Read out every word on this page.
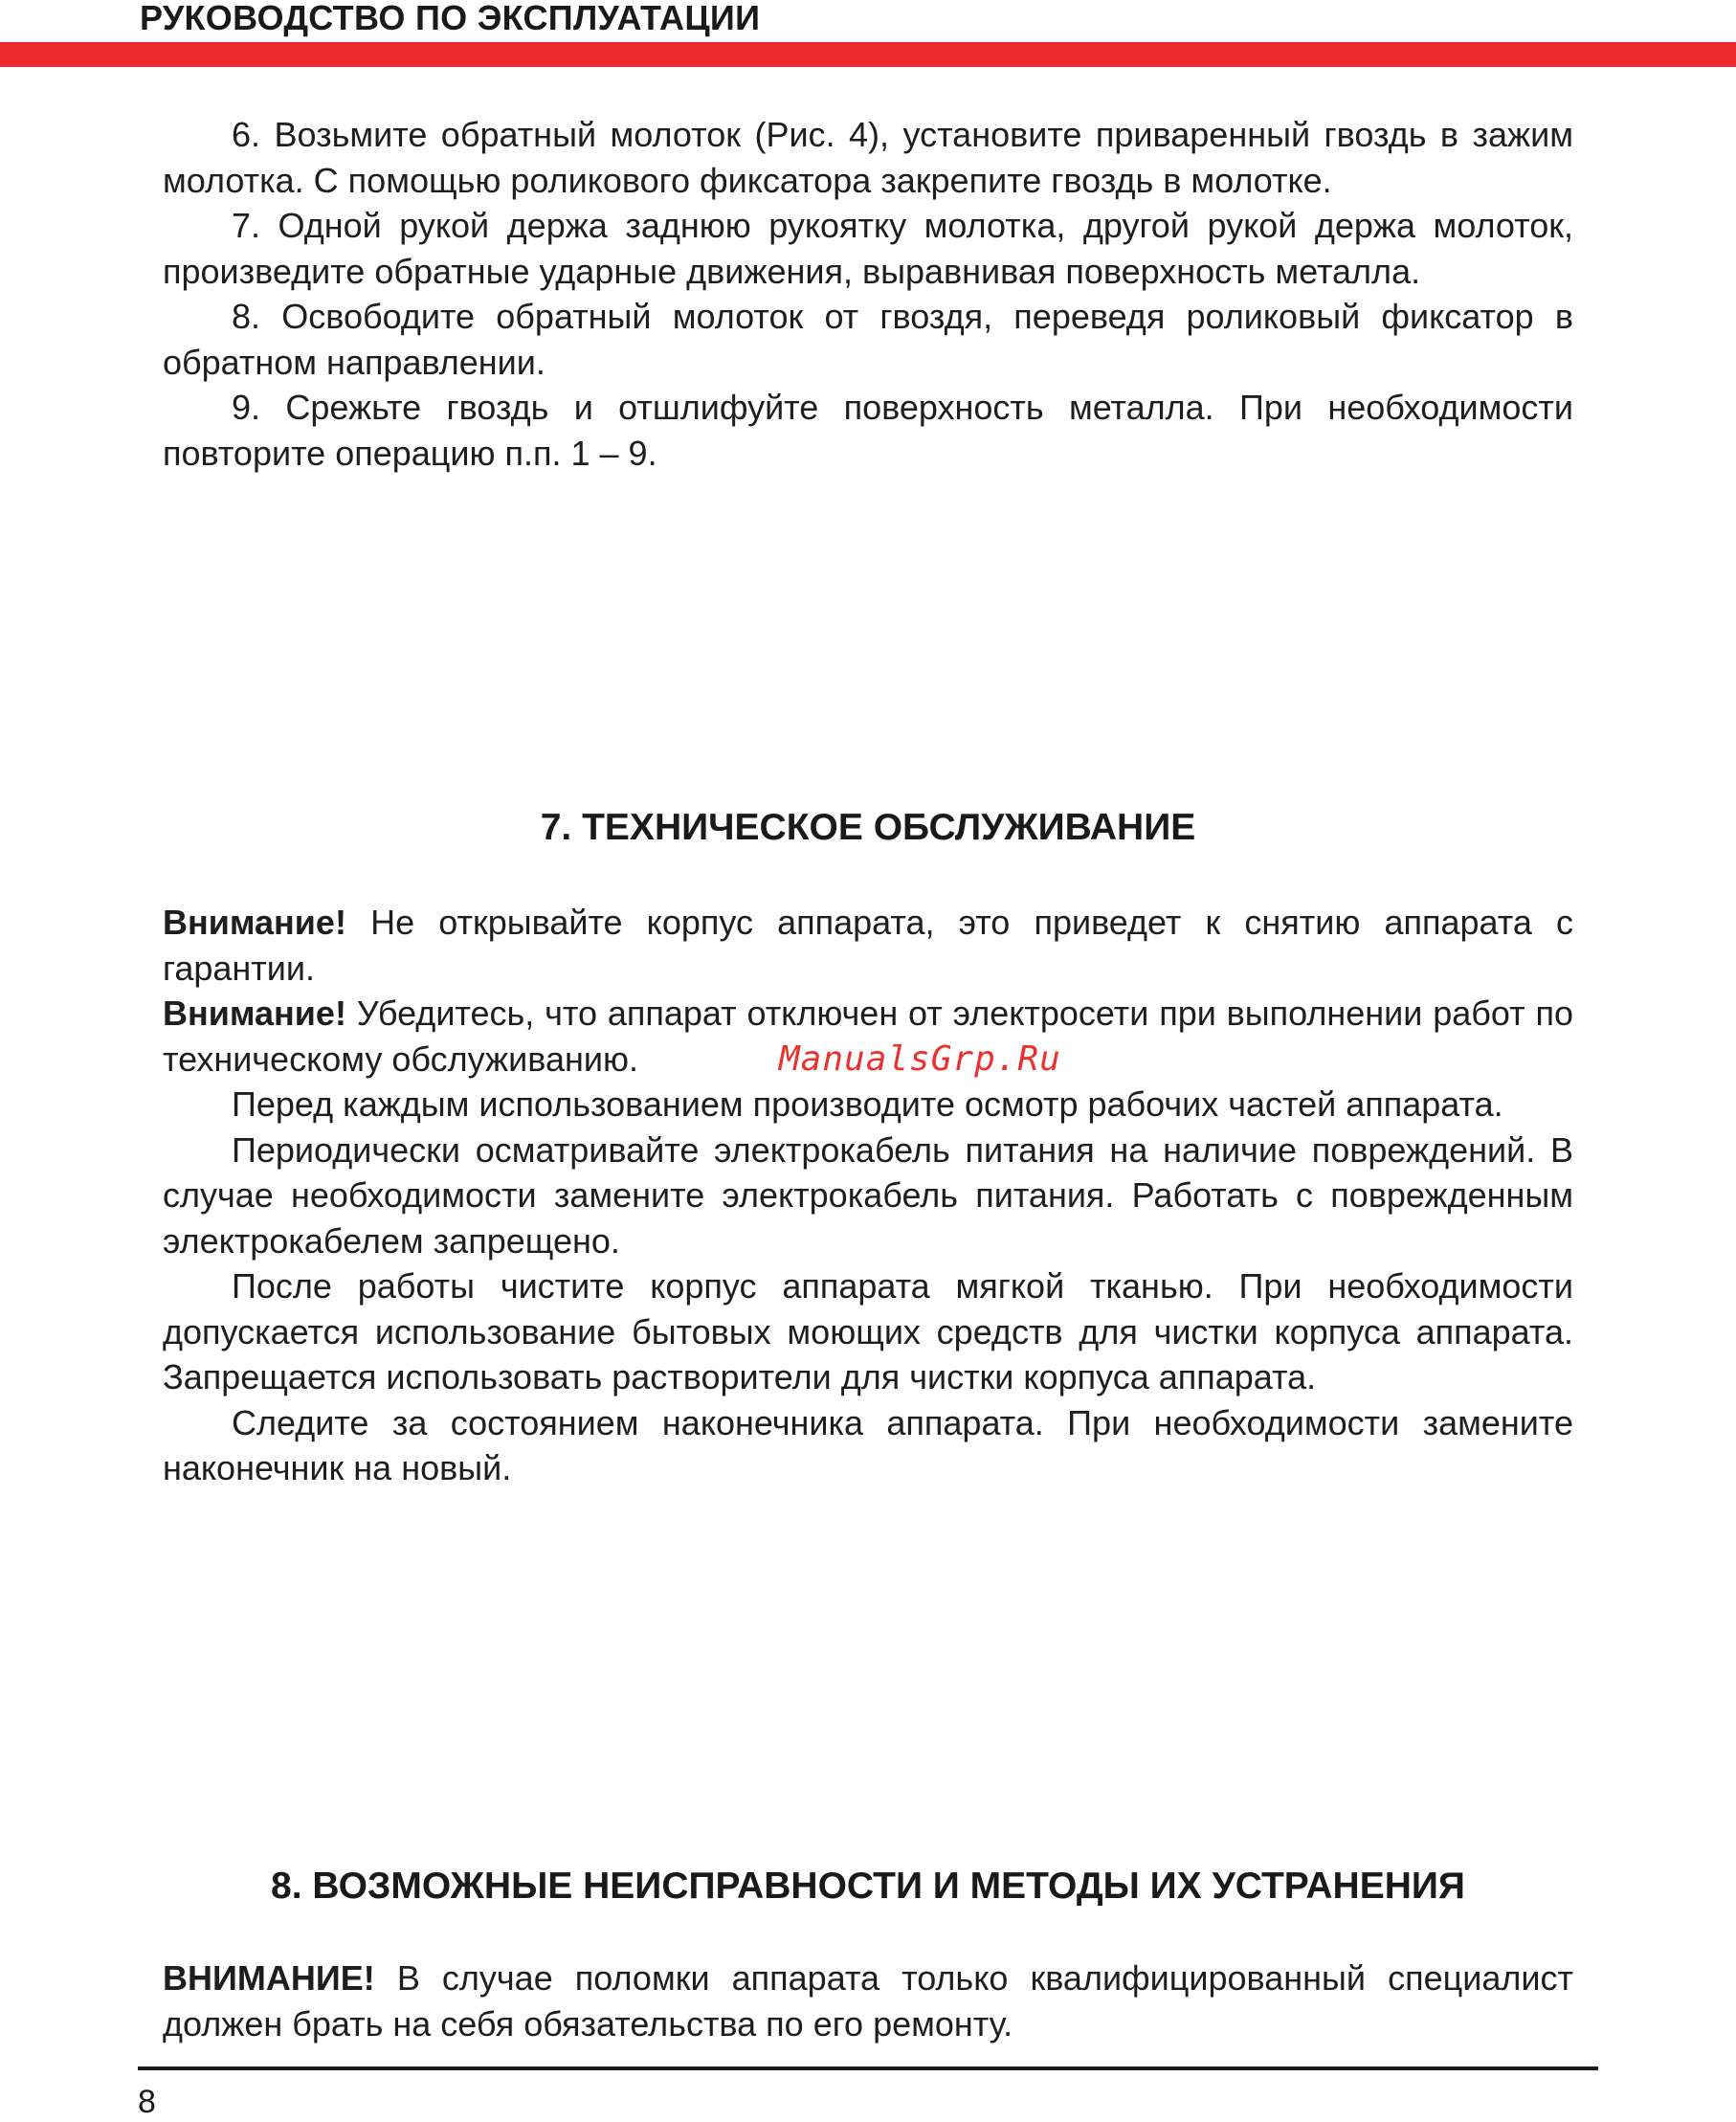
РУКОВОДСТВО ПО ЭКСПЛУАТАЦИИ

6. Возьмите обратный молоток (Рис. 4), установите приваренный гвоздь в зажим молотка. С помощью роликового фиксатора закрепите гвоздь в молотке.

7. Одной рукой держа заднюю рукоятку молотка, другой рукой держа молоток, произведите обратные ударные движения, выравнивая поверхность металла.

8. Освободите обратный молоток от гвоздя, переведя роликовый фиксатор в обратном направлении.

9. Срежьте гвоздь и отшлифуйте поверхность металла. При необходимости повторите операцию п.п. 1 – 9.

7. ТЕХНИЧЕСКОЕ ОБСЛУЖИВАНИЕ

Внимание! Не открывайте корпус аппарата, это приведет к снятию аппарата с гарантии.

Внимание! Убедитесь, что аппарат отключен от электросети при выполнении работ по техническому обслуживанию.

Перед каждым использованием производите осмотр рабочих частей аппарата.

Периодически осматривайте электрокабель питания на наличие повреждений. В случае необходимости замените электрокабель питания. Работать с поврежденным электрокабелем запрещено.

После работы чистите корпус аппарата мягкой тканью. При необходимости допускается использование бытовых моющих средств для чистки корпуса аппарата. Запрещается использовать растворители для чистки корпуса аппарата.

Следите за состоянием наконечника аппарата. При необходимости замените наконечник на новый.

ManualsGrp.Ru
8. ВОЗМОЖНЫЕ НЕИСПРАВНОСТИ И МЕТОДЫ ИХ УСТРАНЕНИЯ

ВНИМАНИЕ! В случае поломки аппарата только квалифицированный специалист должен брать на себя обязательства по его ремонту.

8
